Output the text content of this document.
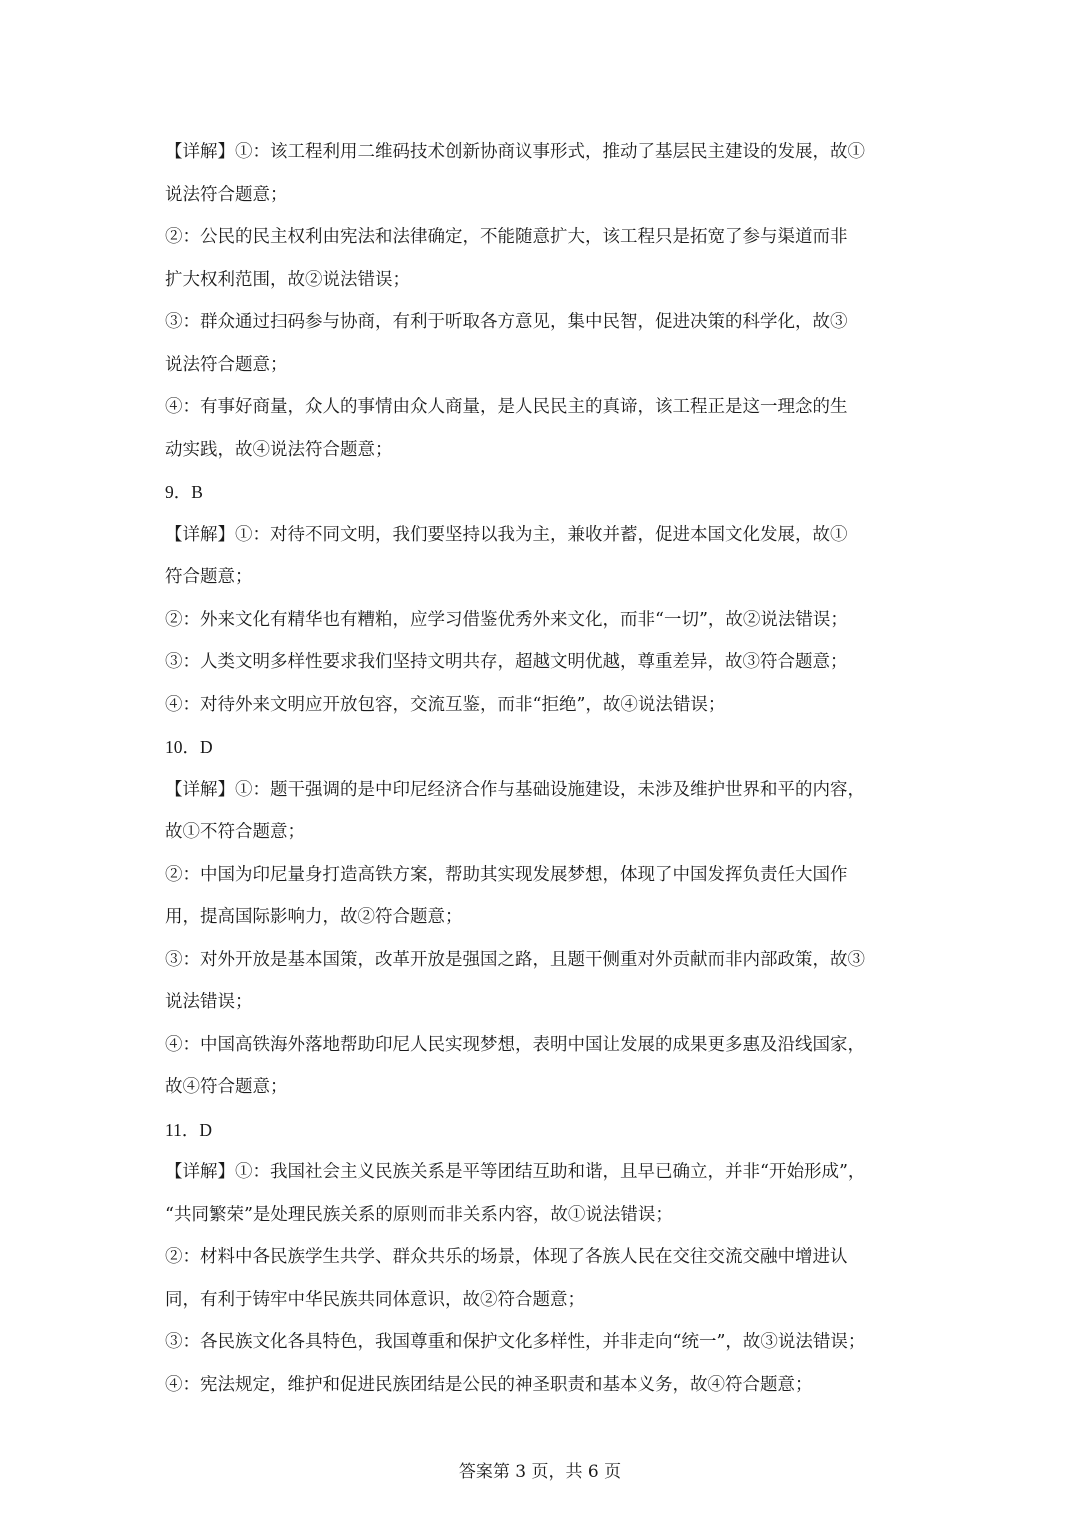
【详解】①：该工程利用二维码技术创新协商议事形式，推动了基层民主建设的发展，故①
说法符合题意；
②：公民的民主权利由宪法和法律确定，不能随意扩大，该工程只是拓宽了参与渠道而非
扩大权利范围，故②说法错误；
③：群众通过扫码参与协商，有利于听取各方意见，集中民智，促进决策的科学化，故③
说法符合题意；
④：有事好商量，众人的事情由众人商量，是人民民主的真谛，该工程正是这一理念的生
动实践，故④说法符合题意；
9．B
【详解】①：对待不同文明，我们要坚持以我为主，兼收并蓄，促进本国文化发展，故①
符合题意；
②：外来文化有精华也有糟粕，应学习借鉴优秀外来文化，而非“一切”，故②说法错误；
③：人类文明多样性要求我们坚持文明共存，超越文明优越，尊重差异，故③符合题意；
④：对待外来文明应开放包容，交流互鉴，而非“拒绝”，故④说法错误；
10．D
【详解】①：题干强调的是中印尼经济合作与基础设施建设，未涉及维护世界和平的内容，
故①不符合题意；
②：中国为印尼量身打造高铁方案，帮助其实现发展梦想，体现了中国发挥负责任大国作
用，提高国际影响力，故②符合题意；
③：对外开放是基本国策，改革开放是强国之路，且题干侧重对外贡献而非内部政策，故③
说法错误；
④：中国高铁海外落地帮助印尼人民实现梦想，表明中国让发展的成果更多惠及沿线国家，
故④符合题意；
11．D
【详解】①：我国社会主义民族关系是平等团结互助和谐，且早已确立，并非“开始形成”，
“共同繁荣”是处理民族关系的原则而非关系内容，故①说法错误；
②：材料中各民族学生共学、群众共乐的场景，体现了各族人民在交往交流交融中增进认
同，有利于铸牢中华民族共同体意识，故②符合题意；
③：各民族文化各具特色，我国尊重和保护文化多样性，并非走向“统一”，故③说法错误；
④：宪法规定，维护和促进民族团结是公民的神圣职责和基本义务，故④符合题意；
答案第 3 页，共 6 页
